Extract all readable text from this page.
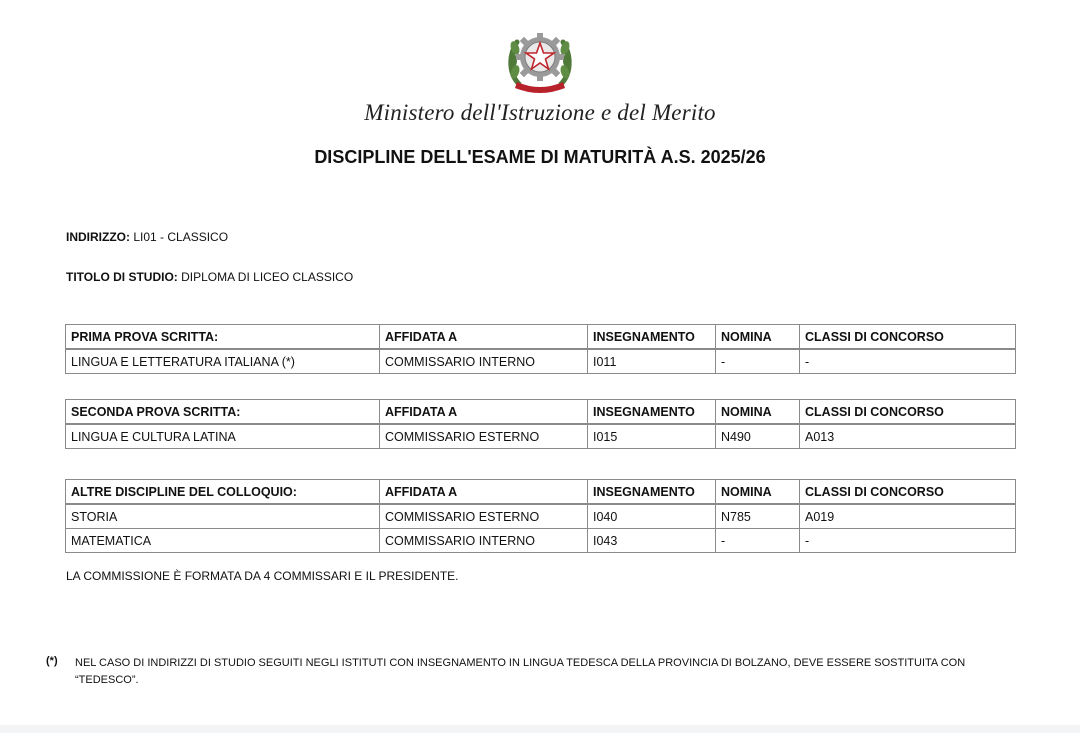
Ministero dell'Istruzione e del Merito
DISCIPLINE DELL'ESAME DI MATURITÀ A.S. 2025/26
INDIRIZZO: LI01 - CLASSICO
TITOLO DI STUDIO: DIPLOMA DI LICEO CLASSICO
PRIMA PROVA SCRITTA:	AFFIDATA A	INSEGNAMENTO	NOMINA	CLASSI DI CONCORSO
LINGUA E LETTERATURA ITALIANA (*)	COMMISSARIO INTERNO	I011	-	-
SECONDA PROVA SCRITTA:	AFFIDATA A	INSEGNAMENTO	NOMINA	CLASSI DI CONCORSO
LINGUA E CULTURA LATINA	COMMISSARIO ESTERNO	I015	N490	A013
ALTRE DISCIPLINE DEL COLLOQUIO:	AFFIDATA A	INSEGNAMENTO	NOMINA	CLASSI DI CONCORSO
STORIA	COMMISSARIO ESTERNO	I040	N785	A019
MATEMATICA	COMMISSARIO INTERNO	I043	-	-
LA COMMISSIONE È FORMATA DA 4 COMMISSARI E IL PRESIDENTE.
(*) NEL CASO DI INDIRIZZI DI STUDIO SEGUITI NEGLI ISTITUTI CON INSEGNAMENTO IN LINGUA TEDESCA DELLA PROVINCIA DI BOLZANO, DEVE ESSERE SOSTITUITA CON “TEDESCO”.
